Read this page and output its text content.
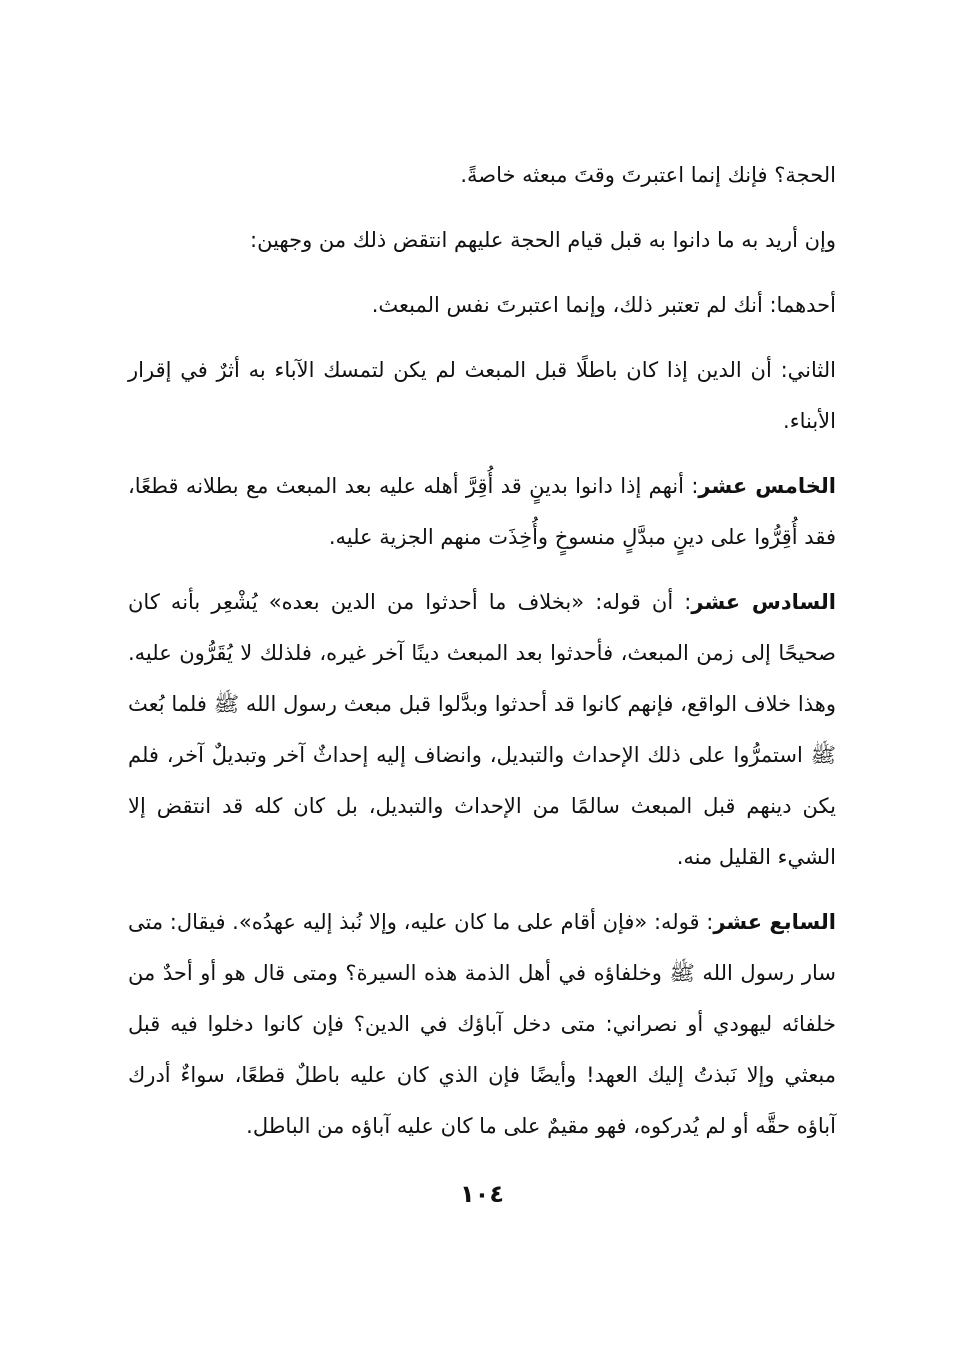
الحجة؟ فإنك إنما اعتبرتَ وقتَ مبعثه خاصةً.

وإن أريد به ما دانوا به قبل قيام الحجة عليهم انتقض ذلك من وجهين:

أحدهما: أنك لم تعتبر ذلك، وإنما اعتبرتَ نفس المبعث.

الثاني: أن الدين إذا كان باطلًا قبل المبعث لم يكن لتمسك الآباء به أثرٌ في إقرار الأبناء.

الخامس عشر: أنهم إذا دانوا بدينٍ قد أُقِرَّ أهله عليه بعد المبعث مع بطلانه قطعًا، فقد أُقِرُّوا على دينٍ مبدَّلٍ منسوخٍ وأُخِذَت منهم الجزية عليه.

السادس عشر: أن قوله: «بخلاف ما أحدثوا من الدين بعده» يُشْعِر بأنه كان صحيحًا إلى زمن المبعث، فأحدثوا بعد المبعث دينًا آخر غيره، فلذلك لا يُقَرُّون عليه. وهذا خلاف الواقع، فإنهم كانوا قد أحدثوا وبدَّلوا قبل مبعث رسول الله ﷺ فلما بُعث ﷺ استمرُّوا على ذلك الإحداث والتبديل، وانضاف إليه إحداثٌ آخر وتبديلٌ آخر، فلم يكن دينهم قبل المبعث سالمًا من الإحداث والتبديل، بل كان كله قد انتقض إلا الشيء القليل منه.

السابع عشر: قوله: «فإن أقام على ما كان عليه، وإلا نُبذ إليه عهدُه». فيقال: متى سار رسول الله ﷺ وخلفاؤه في أهل الذمة هذه السيرة؟ ومتى قال هو أو أحدٌ من خلفائه ليهودي أو نصراني: متى دخل آباؤك في الدين؟ فإن كانوا دخلوا فيه قبل مبعثي وإلا نَبذتُ إليك العهد! وأيضًا فإن الذي كان عليه باطلٌ قطعًا، سواءٌ أدرك آباؤه حقَّه أو لم يُدركوه، فهو مقيمٌ على ما كان عليه آباؤه من الباطل.

١٠٤
